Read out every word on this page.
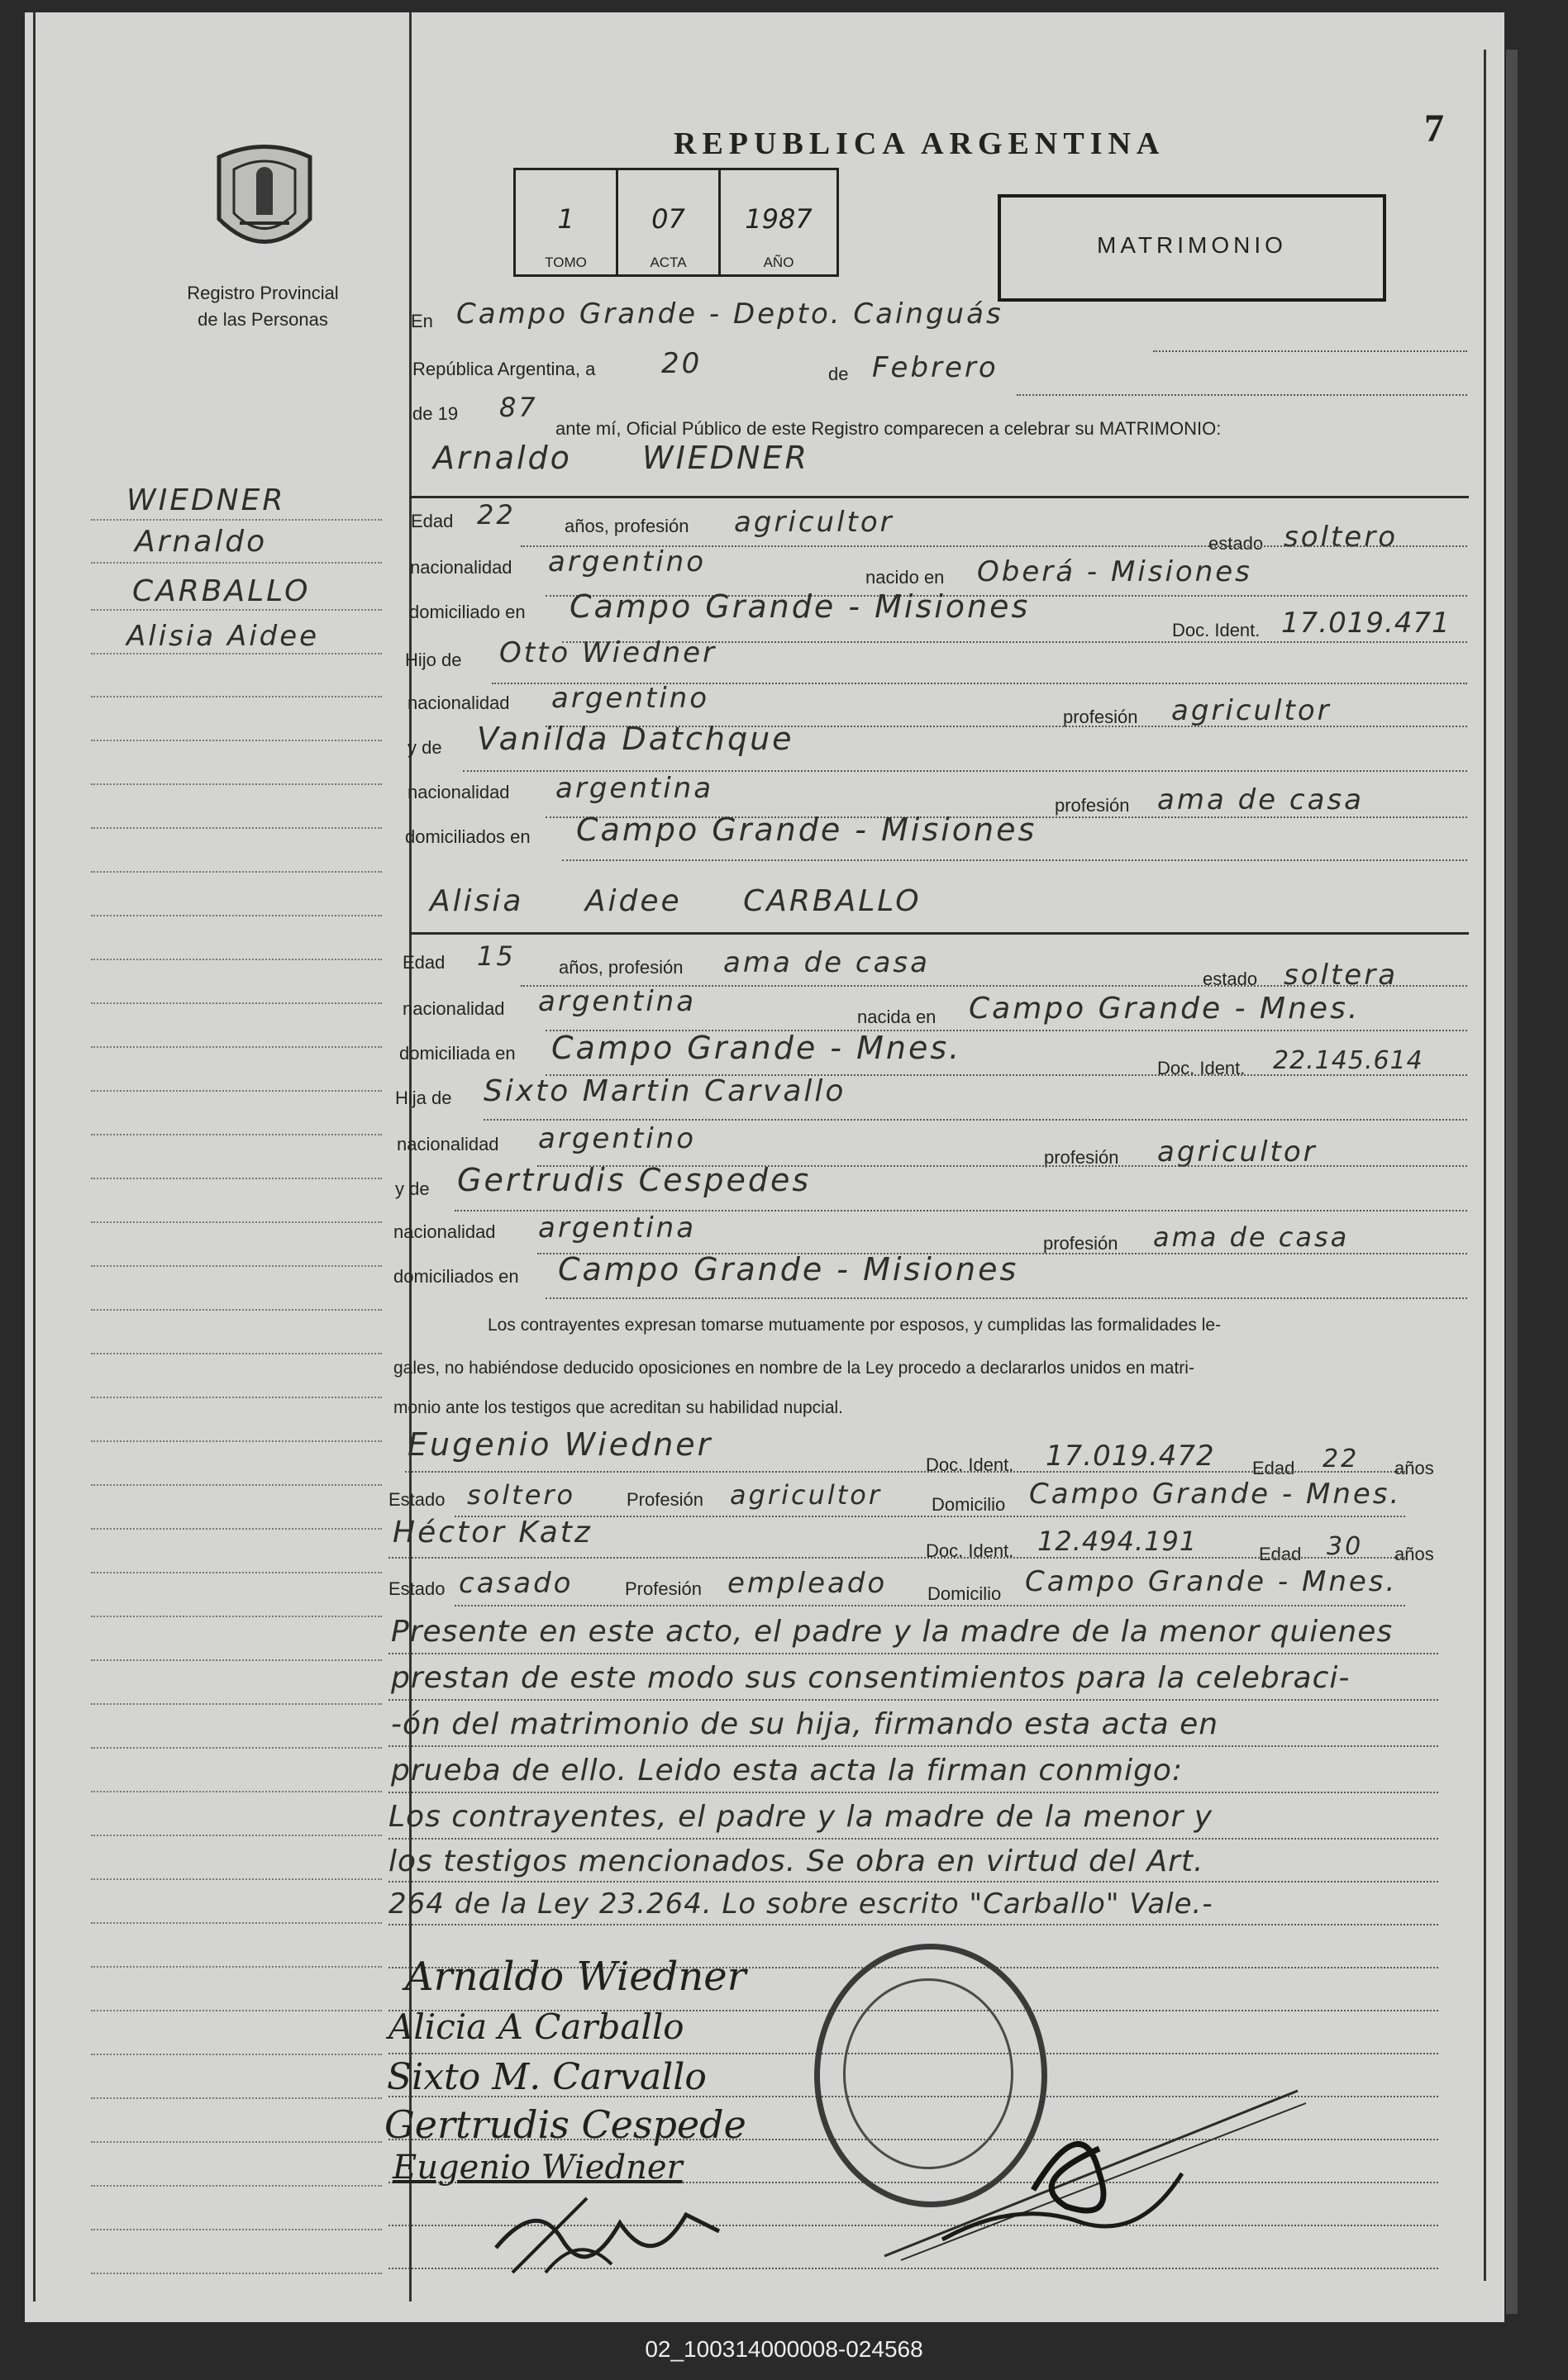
7
REPUBLICA ARGENTINA
Registro Provincial
de las Personas
1
TOMO
07
ACTA
1987
AÑO
MATRIMONIO
WIEDNER
Arnaldo
CARBALLO
Alisia Aidee
En Campo Grande - Depto. Cainguás
República Argentina, a 20	de Febrero
de 19 87
ante mí, Oficial Público de este Registro comparecen a celebrar su MATRIMONIO:
Arnaldo WIEDNER
Edad 22	años, profesión agricultor
estado soltero
nacionalidad argentino	nacido en Oberá - Misiones
domiciliado en Campo Grande - Misiones
Doc. Ident. 17.019.471
Hijo de Otto Wiedner
nacionalidad argentino
profesión agricultor
y de Vanilda Datchque
nacionalidad argentina
profesión ama de casa
domiciliados en Campo Grande - Misiones
Alisia Aidee CARBALLO
Edad 15 años, profesión ama de casa	estado soltera
nacionalidad argentina	nacida en Campo Grande - Mnes.
domiciliada en Campo Grande - Mnes.
Doc. Ident. 22.145.614
Hija de Sixto Martin Carvallo
nacionalidad argentino
profesión agricultor
y de Gertrudis Cespedes
nacionalidad argentina	profesión ama de casa
domiciliados en Campo Grande - Misiones
Los contrayentes expresan tomarse mutuamente por esposos, y cumplidas las formalidades le-
gales, no habiéndose deducido oposiciones en nombre de la Ley procedo a declararlos unidos en matri-
monio ante los testigos que acreditan su habilidad nupcial.
Eugenio Wiedner
Doc. Ident. 17.019.472 Edad 22 años
Estado soltero	Profesión agricultor	Domicilio Campo Grande - Mnes.
Héctor Katz
Doc. Ident. 12.494.191	Edad 30 años
Estado casado	Profesión empleado Domicilio Campo Grande - Mnes.
Presente en este acto, el padre y la madre de la menor quienes
prestan de este modo sus consentimientos para la celebraci-
-ón del matrimonio de su hija, firmando esta acta en
prueba de ello. Leido esta acta la firman conmigo:
Los contrayentes, el padre y la madre de la menor y
los testigos mencionados. Se obra en virtud del Art.
264 de la Ley 23.264. Lo sobre escrito "Carballo" Vale.-
Arnaldo Wiedner
Alicia A Carballo
Sixto M. Carvallo
Gertrudis Cespede
Eugenio Wiedner
02_100314000008-024568
